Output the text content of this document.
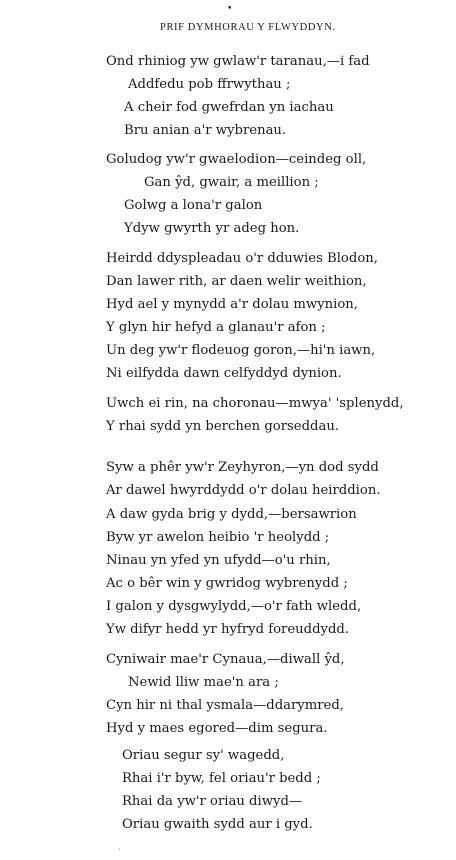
•
PRIF DYMHORAU Y FLWYDDYN.
Ond rhiniog yw gwlaw'r taranau,—i fad
Addfedu pob ffrwythau ;
A cheir fod gwefrdan yn iachau
Bru anian a'r wybrenau.
Goludog yw'r gwaelodion—ceindeg oll,
Gan ŷd, gwair, a meillion ;
Golwg a lona'r galon
Ydyw gwyrth yr adeg hon.
Heirdd ddyspleadau o'r dduwies Blodon,
Dan lawer rith, ar daen welir weithion,
Hyd ael y mynydd a'r dolau mwynion,
Y glyn hir hefyd a glanau'r afon ;
Un deg yw'r flodeuog goron,—hi'n iawn,
Ni eilfydda dawn celfyddyd dynion.
Uwch ei rin, na choronau—mwya' 'splenydd,
Y rhai sydd yn berchen gorseddau.
Syw a phêr yw'r Zeyhyron,—yn dod sydd
Ar dawel hwyrddydd o'r dolau heirddion.
A daw gyda brig y dydd,—bersawrion
Byw yr awelon heibio 'r heolydd ;
Ninau yn yfed yn ufydd—o'u rhin,
Ac o bêr win y gwridog wybrenydd ;
I galon y dysgwylydd,—o'r fath wledd,
Yw difyr hedd yr hyfryd foreuddydd.
Cyniwair mae'r Cynaua,—diwall ŷd,
Newid lliw mae'n ara ;
Cyn hir ni thal ysmala—ddarymred,
Hyd y maes egored—dim segura.
Oriau segur sy' wagedd,
Rhai i'r byw, fel oriau'r bedd ;
Rhai da yw'r oriau diwyd—
Oriau gwaith sydd aur i gyd.
·
